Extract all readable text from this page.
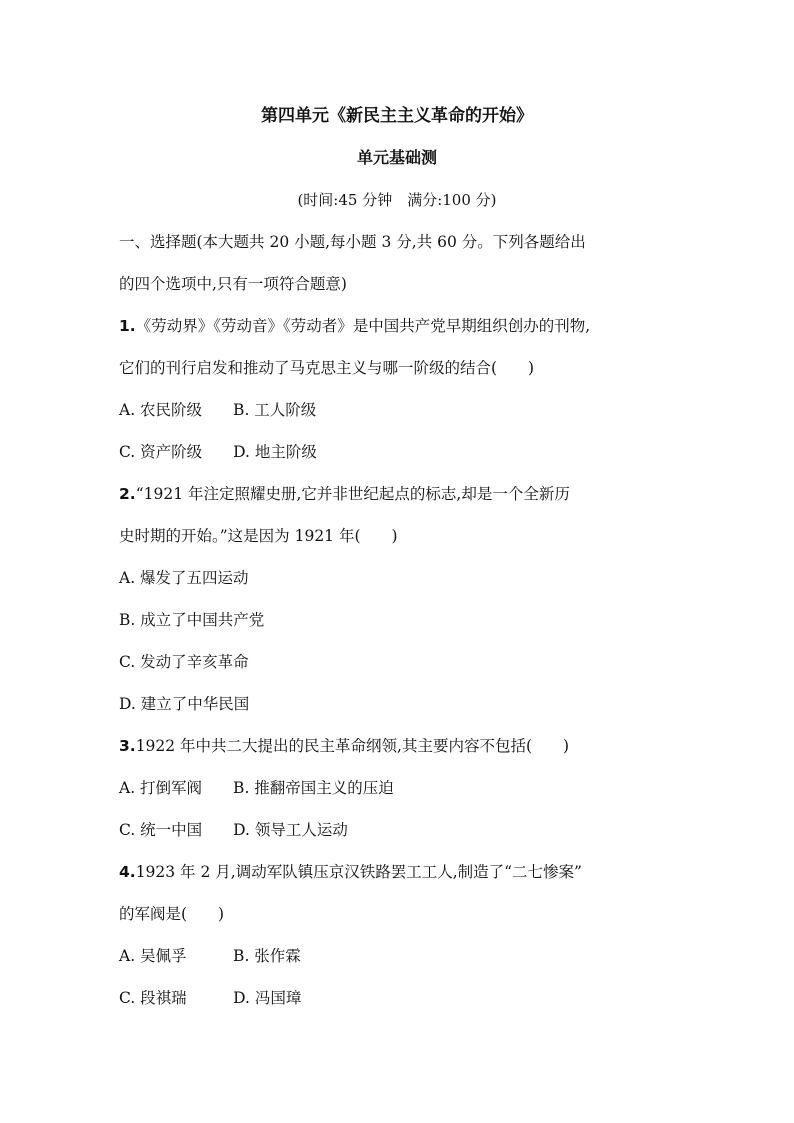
第四单元《新民主主义革命的开始》
单元基础测
(时间:45 分钟　满分:100 分)
一、选择题(本大题共 20 小题,每小题 3 分,共 60 分。下列各题给出
的四个选项中,只有一项符合题意)
1.《劳动界》《劳动音》《劳动者》是中国共产党早期组织创办的刊物,
它们的刊行启发和推动了马克思主义与哪一阶级的结合(　　)
A. 农民阶级　　B. 工人阶级
C. 资产阶级　　D. 地主阶级
2.“1921 年注定照耀史册,它并非世纪起点的标志,却是一个全新历
史时期的开始。”这是因为 1921 年(　　)
A. 爆发了五四运动
B. 成立了中国共产党
C. 发动了辛亥革命
D. 建立了中华民国
3.1922 年中共二大提出的民主革命纲领,其主要内容不包括(　　)
A. 打倒军阀　　B. 推翻帝国主义的压迫
C. 统一中国　　D. 领导工人运动
4.1923 年 2 月,调动军队镇压京汉铁路罢工工人,制造了“二七惨案”
的军阀是(　　)
A. 吴佩孚　　　B. 张作霖
C. 段祺瑞　　　D. 冯国璋
